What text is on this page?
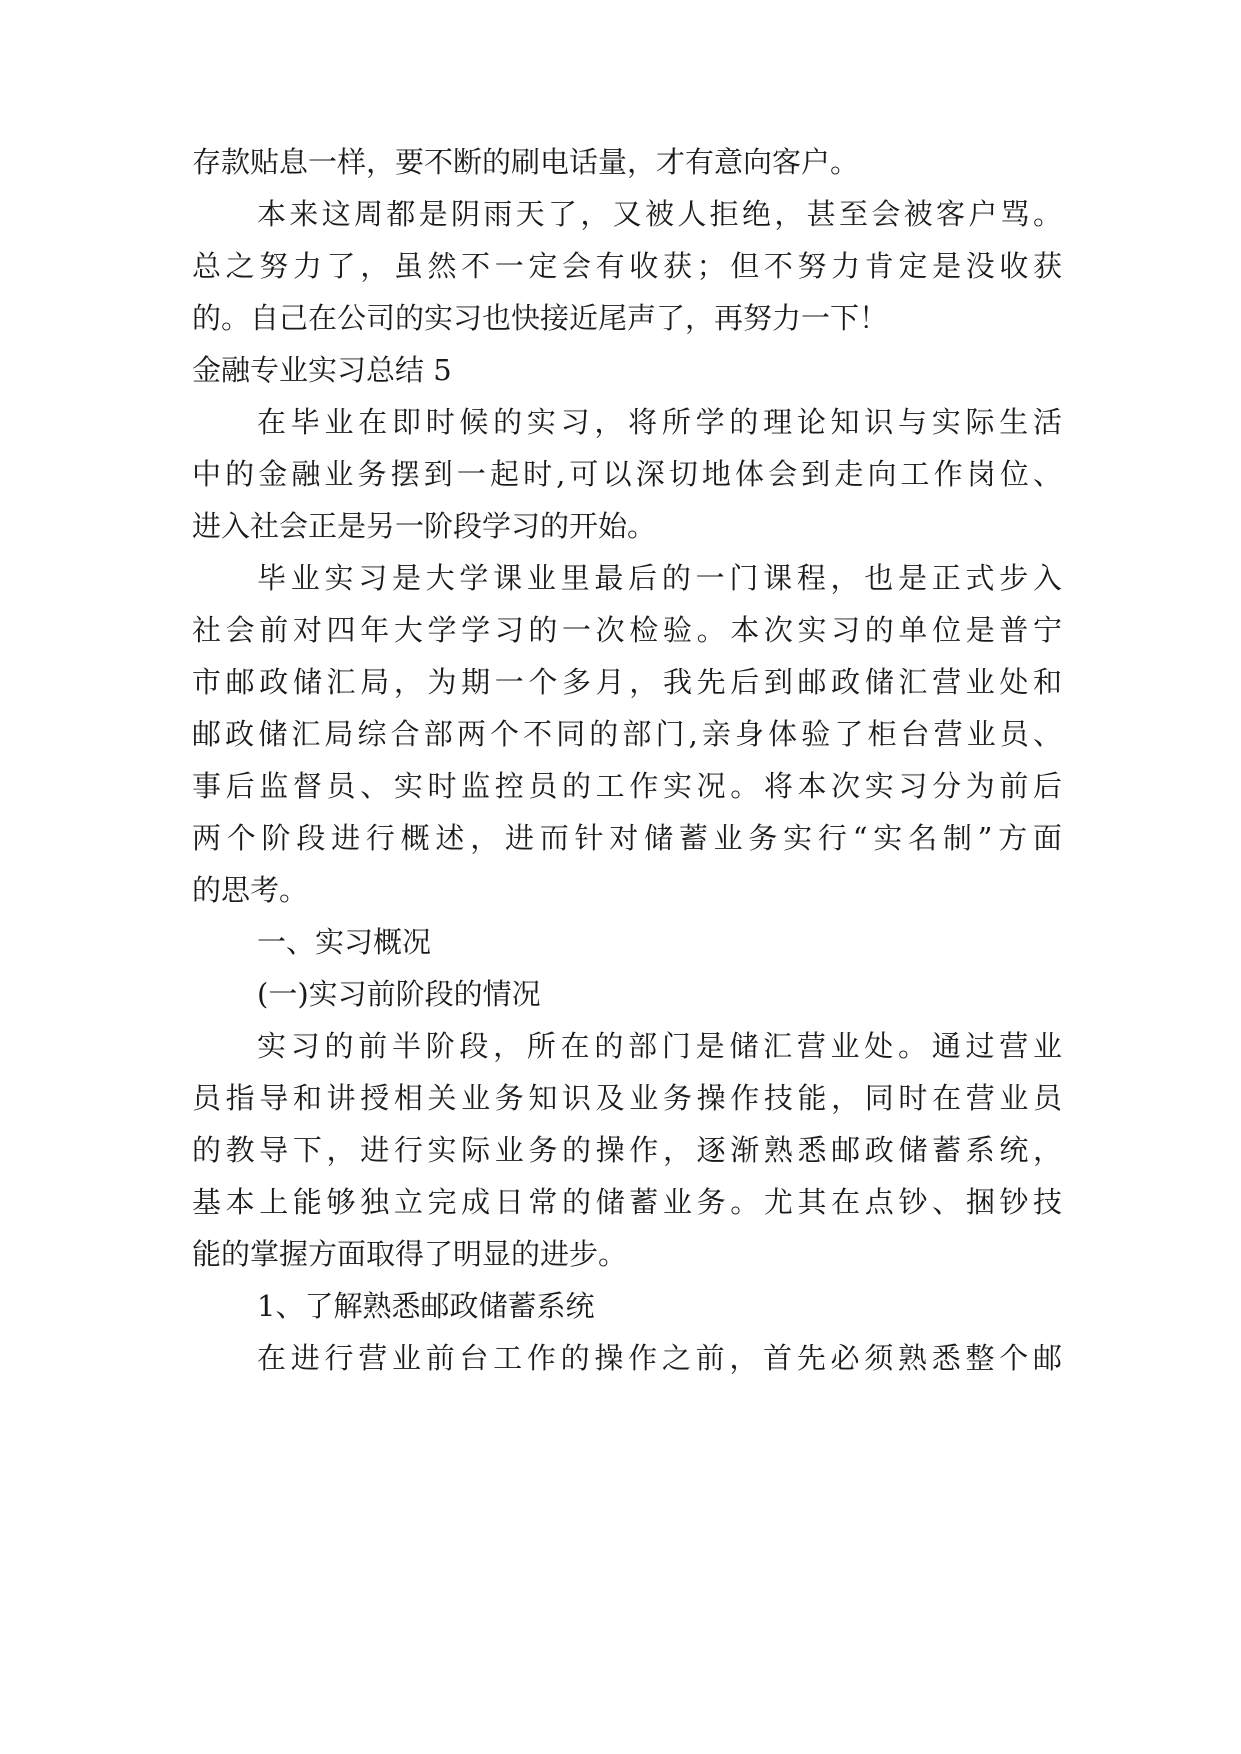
存款贴息一样，要不断的刷电话量，才有意向客户。
本来这周都是阴雨天了，又被人拒绝，甚至会被客户骂。
总之努力了，虽然不一定会有收获；但不努力肯定是没收获
的。自己在公司的实习也快接近尾声了，再努力一下！
金融专业实习总结 5
在毕业在即时候的实习，将所学的理论知识与实际生活
中的金融业务摆到一起时,可以深切地体会到走向工作岗位、
进入社会正是另一阶段学习的开始。
毕业实习是大学课业里最后的一门课程，也是正式步入
社会前对四年大学学习的一次检验。本次实习的单位是普宁
市邮政储汇局，为期一个多月，我先后到邮政储汇营业处和
邮政储汇局综合部两个不同的部门,亲身体验了柜台营业员、
事后监督员、实时监控员的工作实况。将本次实习分为前后
两个阶段进行概述，进而针对储蓄业务实行“实名制”方面
的思考。
一、实习概况
(一)实习前阶段的情况
实习的前半阶段，所在的部门是储汇营业处。通过营业
员指导和讲授相关业务知识及业务操作技能，同时在营业员
的教导下，进行实际业务的操作，逐渐熟悉邮政储蓄系统，
基本上能够独立完成日常的储蓄业务。尤其在点钞、捆钞技
能的掌握方面取得了明显的进步。
1、了解熟悉邮政储蓄系统
在进行营业前台工作的操作之前，首先必须熟悉整个邮
